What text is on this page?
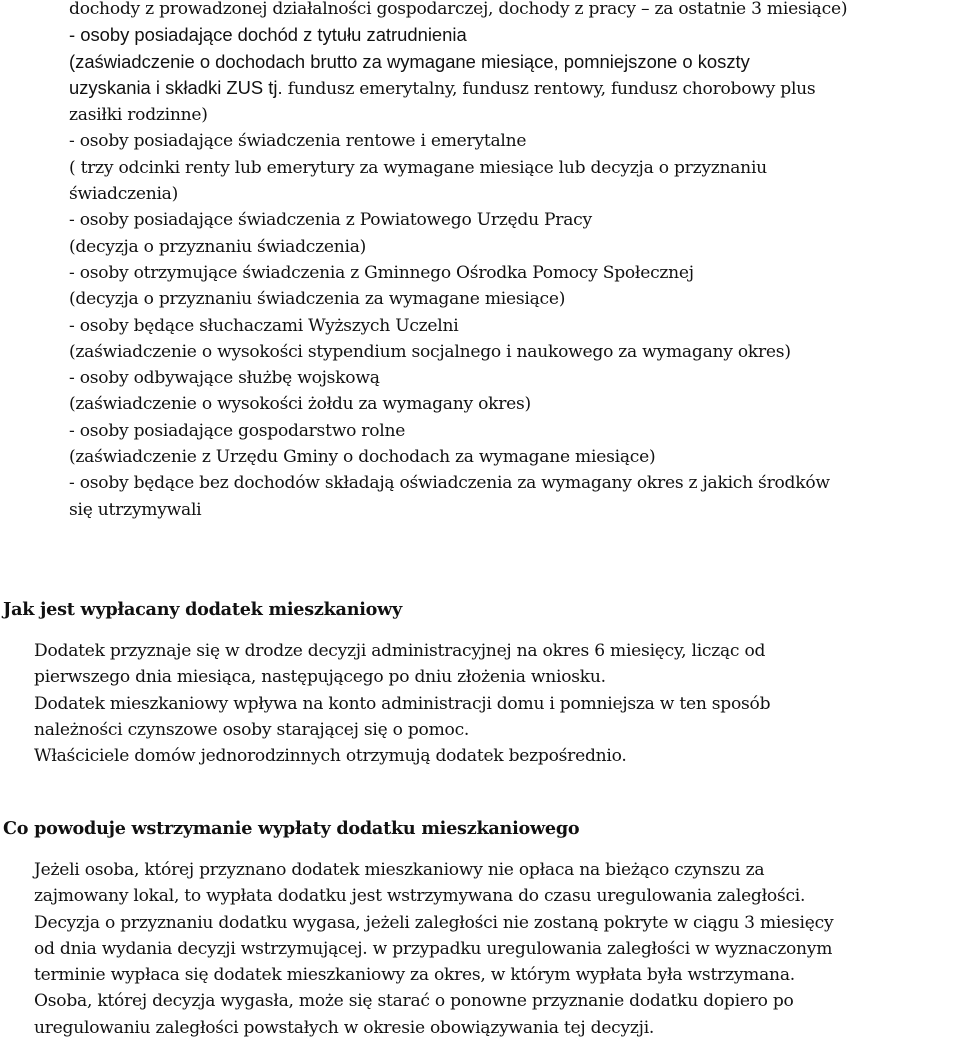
dochody z prowadzonej działalności gospodarczej, dochody z pracy – za ostatnie 3 miesiące)
- osoby posiadające dochód z tytułu zatrudnienia
(zaświadczenie o dochodach brutto za wymagane miesiące, pomniejszone o koszty
uzyskania i składki ZUS tj. fundusz emerytalny, fundusz rentowy, fundusz chorobowy plus
zasiłki rodzinne)
- osoby posiadające świadczenia rentowe i emerytalne
( trzy odcinki renty lub emerytury za wymagane miesiące lub decyzja o przyznaniu
świadczenia)
- osoby posiadające świadczenia z Powiatowego Urzędu Pracy
(decyzja o przyznaniu świadczenia)
- osoby otrzymujące świadczenia z Gminnego Ośrodka Pomocy Społecznej
(decyzja o przyznaniu świadczenia za wymagane miesiące)
- osoby będące słuchaczami Wyższych Uczelni
(zaświadczenie o wysokości stypendium socjalnego i naukowego za wymagany okres)
- osoby odbywające służbę wojskową
(zaświadczenie o wysokości żołdu za wymagany okres)
- osoby posiadające gospodarstwo rolne
(zaświadczenie z Urzędu Gminy o dochodach za wymagane miesiące)
- osoby będące bez dochodów składają oświadczenia za wymagany okres z jakich środków
się utrzymywali
Jak jest wypłacany dodatek mieszkaniowy
Dodatek przyznaje się w drodze decyzji administracyjnej na okres 6 miesięcy, licząc od
pierwszego dnia miesiąca, następującego po dniu złożenia wniosku.
Dodatek mieszkaniowy wpływa na konto administracji domu i pomniejsza w ten sposób
należności czynszowe osoby starającej się o pomoc.
Właściciele domów jednorodzinnych otrzymują dodatek bezpośrednio.
Co powoduje wstrzymanie wypłaty dodatku mieszkaniowego
Jeżeli osoba, której przyznano dodatek mieszkaniowy nie opłaca na bieżąco czynszu za
zajmowany lokal, to wypłata dodatku jest wstrzymywana do czasu uregulowania zaległości.
Decyzja o przyznaniu dodatku wygasa, jeżeli zaległości nie zostaną pokryte w ciągu 3 miesięcy
od dnia wydania decyzji wstrzymującej. w przypadku uregulowania zaległości w wyznaczonym
terminie wypłaca się dodatek mieszkaniowy za okres, w którym wypłata była wstrzymana.
Osoba, której decyzja wygasła, może się starać o ponowne przyznanie dodatku dopiero po
uregulowaniu zaległości powstałych w okresie obowiązywania tej decyzji.
